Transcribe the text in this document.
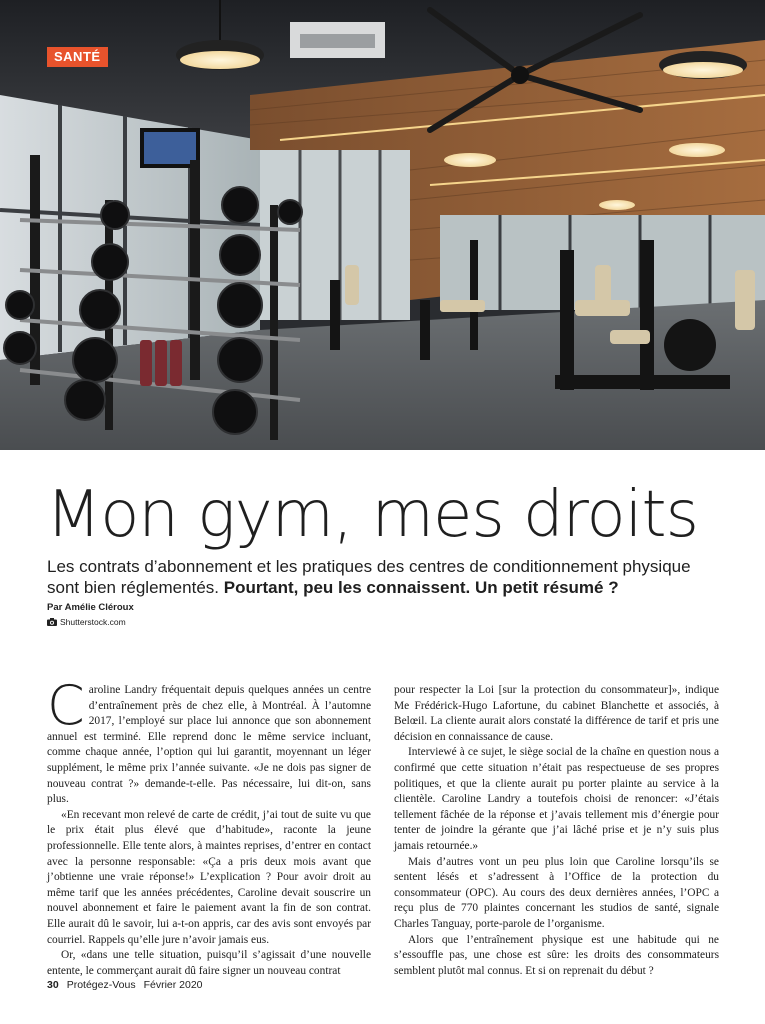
SANTÉ
Mon gym, mes droits

Les contrats d’abonnement et les pratiques des centres de conditionnement physique sont bien réglementés. Pourtant, peu les connaissent. Un petit résumé ?

Par Amélie Cléroux

Shutterstock.com

Caroline Landry fréquentait depuis quelques années un centre d’entraînement près de chez elle, à Montréal. À l’automne 2017, l’employé sur place lui annonce que son abonnement annuel est terminé. Elle reprend donc le même service incluant, comme chaque année, l’option qui lui garantit, moyennant un léger supplément, le même prix l’année suivante. «Je ne dois pas signer de nouveau contrat ?» demande-t-elle. Pas nécessaire, lui dit-on, sans plus.

«En recevant mon relevé de carte de crédit, j’ai tout de suite vu que le prix était plus élevé que d’habitude», raconte la jeune professionnelle. Elle tente alors, à maintes reprises, d’entrer en contact avec la personne responsable: «Ça a pris deux mois avant que j’obtienne une vraie réponse!» L’explication ? Pour avoir droit au même tarif que les années précédentes, Caroline devait souscrire un nouvel abonnement et faire le paiement avant la fin de son contrat. Elle aurait dû le savoir, lui a-t-on appris, car des avis sont envoyés par courriel. Rappels qu’elle jure n’avoir jamais eus.

Or, «dans une telle situation, puisqu’il s’agissait d’une nouvelle entente, le commerçant aurait dû faire signer un nouveau contrat

pour respecter la Loi [sur la protection du consommateur]», indique Me Frédérick-Hugo Lafortune, du cabinet Blanchette et associés, à Belœil. La cliente aurait alors constaté la différence de tarif et pris une décision en connaissance de cause.

Interviewé à ce sujet, le siège social de la chaîne en question nous a confirmé que cette situation n’était pas respectueuse de ses propres politiques, et que la cliente aurait pu porter plainte au service à la clientèle. Caroline Landry a toutefois choisi de renoncer: «J’étais tellement fâchée de la réponse et j’avais tellement mis d’énergie pour tenter de joindre la gérante que j’ai lâché prise et je n’y suis plus jamais retournée.»

Mais d’autres vont un peu plus loin que Caroline lorsqu’ils se sentent lésés et s’adressent à l’Office de la protection du consommateur (OPC). Au cours des deux dernières années, l’OPC a reçu plus de 770 plaintes concernant les studios de santé, signale Charles Tanguay, porte-parole de l’organisme.

Alors que l’entraînement physique est une habitude qui ne s’essouffle pas, une chose est sûre: les droits des consommateurs semblent plutôt mal connus. Et si on reprenait du début ?

30 Protégez-Vous Février 2020
